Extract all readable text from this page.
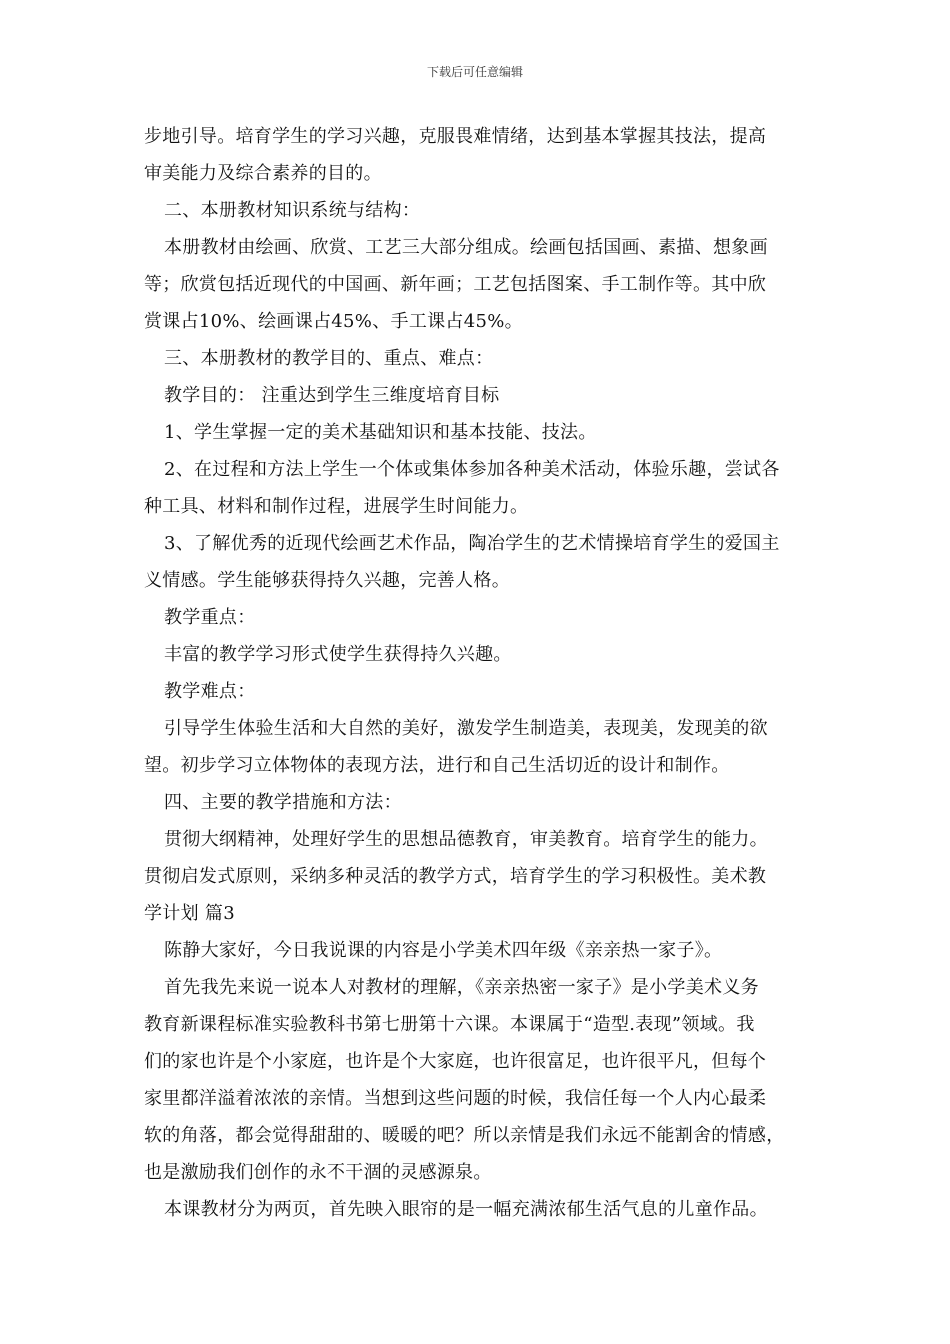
下载后可任意编辑
步地引导。培育学生的学习兴趣，克服畏难情绪，达到基本掌握其技法，提高
审美能力及综合素养的目的。
二、本册教材知识系统与结构：
本册教材由绘画、欣赏、工艺三大部分组成。绘画包括国画、素描、想象画
等；欣赏包括近现代的中国画、新年画；工艺包括图案、手工制作等。其中欣
赏课占10%、绘画课占45%、手工课占45%。
三、本册教材的教学目的、重点、难点：
教学目的： 注重达到学生三维度培育目标
1、学生掌握一定的美术基础知识和基本技能、技法。
2、在过程和方法上学生一个体或集体参加各种美术活动，体验乐趣，尝试各
种工具、材料和制作过程，进展学生时间能力。
3、了解优秀的近现代绘画艺术作品，陶冶学生的艺术情操培育学生的爱国主
义情感。学生能够获得持久兴趣，完善人格。
教学重点：
丰富的教学学习形式使学生获得持久兴趣。
教学难点：
引导学生体验生活和大自然的美好，激发学生制造美，表现美，发现美的欲
望。初步学习立体物体的表现方法，进行和自己生活切近的设计和制作。
四、主要的教学措施和方法：
贯彻大纲精神，处理好学生的思想品德教育，审美教育。培育学生的能力。
贯彻启发式原则，采纳多种灵活的教学方式，培育学生的学习积极性。美术教
学计划 篇3
陈静大家好，今日我说课的内容是小学美术四年级《亲亲热一家子》。
首先我先来说一说本人对教材的理解，《亲亲热密一家子》是小学美术义务
教育新课程标准实验教科书第七册第十六课。本课属于“造型.表现”领域。我
们的家也许是个小家庭，也许是个大家庭，也许很富足，也许很平凡，但每个
家里都洋溢着浓浓的亲情。当想到这些问题的时候，我信任每一个人内心最柔
软的角落，都会觉得甜甜的、暖暖的吧？所以亲情是我们永远不能割舍的情感，
也是激励我们创作的永不干涸的灵感源泉。
本课教材分为两页，首先映入眼帘的是一幅充满浓郁生活气息的儿童作品。
